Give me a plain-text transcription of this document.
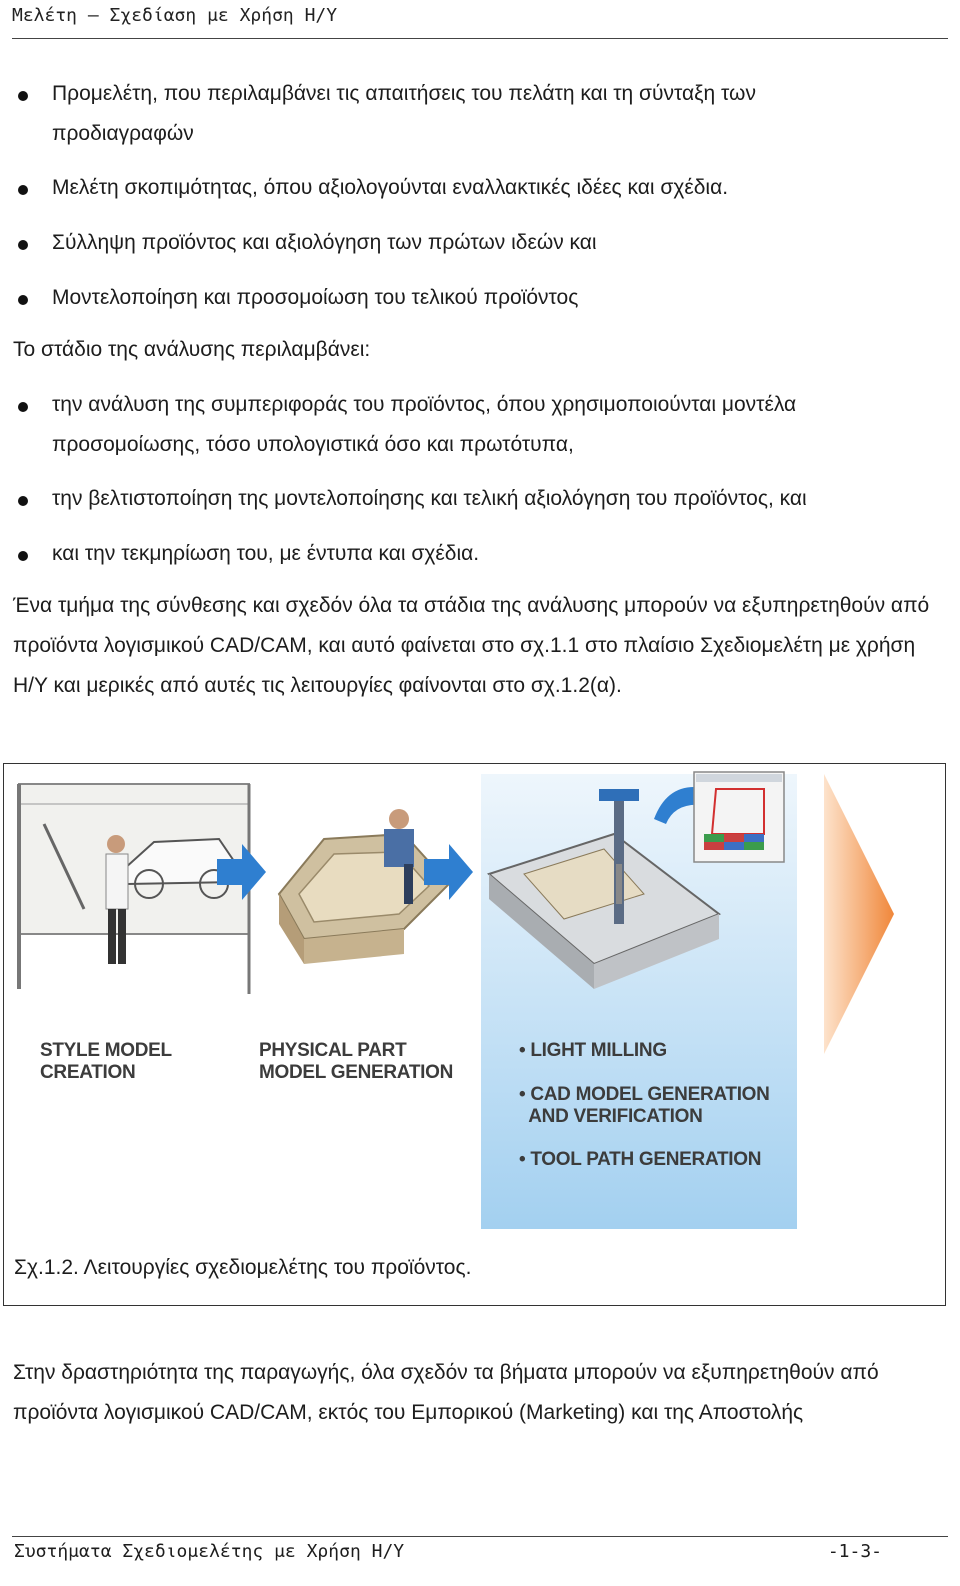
Μελέτη – Σχεδίαση με Χρήση Η/Υ
Προμελέτη, που περιλαμβάνει τις απαιτήσεις του πελάτη και τη σύνταξη των προδιαγραφών
Μελέτη σκοπιμότητας, όπου αξιολογούνται εναλλακτικές ιδέες και σχέδια.
Σύλληψη προϊόντος και αξιολόγηση των πρώτων ιδεών και
Μοντελοποίηση και προσομοίωση του τελικού προϊόντος
Το στάδιο της ανάλυσης περιλαμβάνει:
την ανάλυση της συμπεριφοράς του προϊόντος, όπου χρησιμοποιούνται μοντέλα προσομοίωσης, τόσο υπολογιστικά όσο και πρωτότυπα,
την βελτιστοποίηση της μοντελοποίησης και τελική αξιολόγηση του προϊόντος, και
και την τεκμηρίωση του, με έντυπα και σχέδια.
Ένα τμήμα της σύνθεσης και σχεδόν όλα τα στάδια της ανάλυσης μπορούν να εξυπηρετηθούν από προϊόντα λογισμικού CAD/CAM, και αυτό φαίνεται στο σχ.1.1 στο πλαίσιο Σχεδιομελέτη με χρήση Η/Υ και μερικές από αυτές τις λειτουργίες φαίνονται στο σχ.1.2(α).
STYLE MODEL
CREATION
PHYSICAL PART
MODEL GENERATION
• LIGHT MILLING
• CAD MODEL GENERATION
AND VERIFICATION
• TOOL PATH GENERATION
Σχ.1.2. Λειτουργίες σχεδιομελέτης του προϊόντος.
Στην δραστηριότητα της παραγωγής, όλα σχεδόν τα βήματα μπορούν να εξυπηρετηθούν από προϊόντα λογισμικού CAD/CAM, εκτός του Εμπορικού (Marketing) και της Αποστολής
Συστήματα Σχεδιομελέτης με Χρήση Η/Υ	-1-3-
